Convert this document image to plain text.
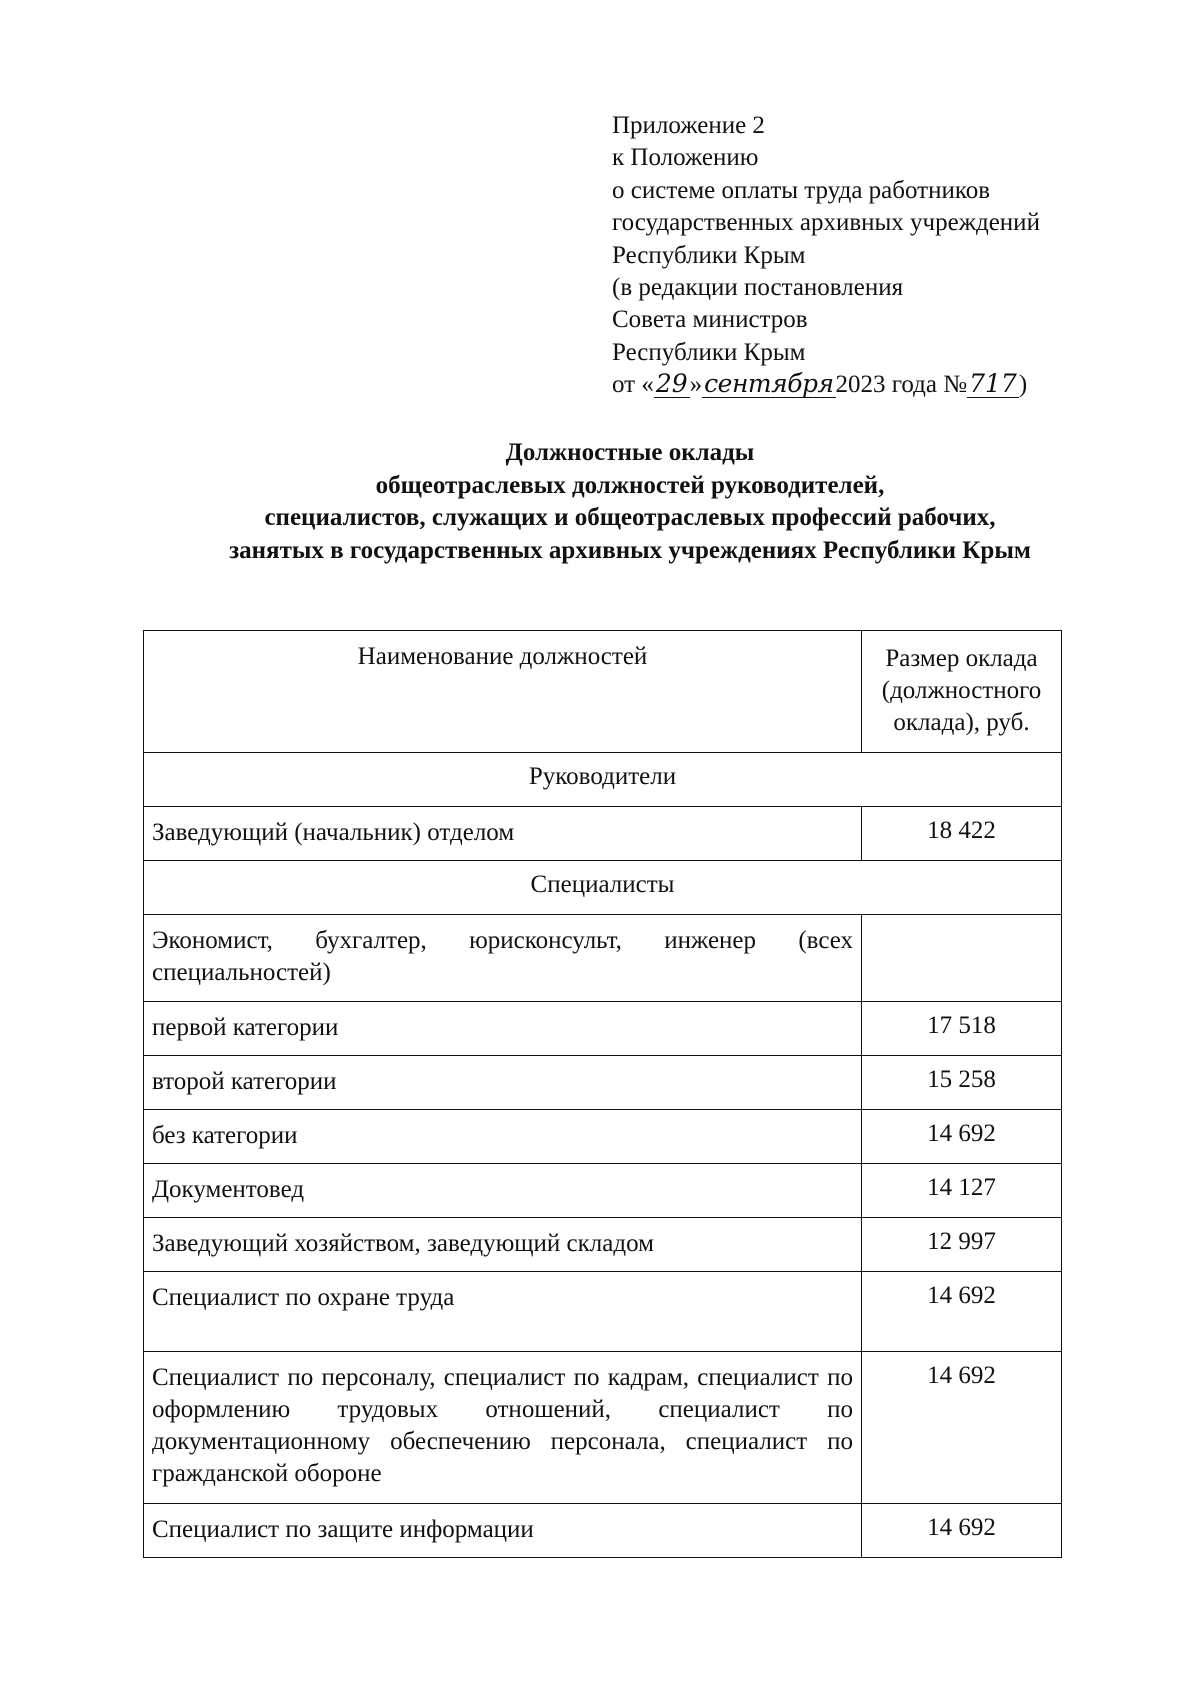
Приложение 2
к Положению
о системе оплаты труда работников
государственных архивных учреждений
Республики Крым
(в редакции постановления
Совета министров
Республики Крым
от «29»сентября2023 года №717)
Должностные оклады
общеотраслевых должностей руководителей,
специалистов, служащих и общеотраслевых профессий рабочих,
занятых в государственных архивных учреждениях Республики Крым
Наименование должностей	Размер оклада (должностного оклада), руб.
Руководители	
Заведующий (начальник) отделом	18 422
Специалисты	
Экономист, бухгалтер, юрисконсульт, инженер (всех специальностей)	
первой категории	17 518
второй категории	15 258
без категории	14 692
Документовед	14 127
Заведующий хозяйством, заведующий складом	12 997
Специалист по охране труда	14 692
Специалист по персоналу, специалист по кадрам, специалист по оформлению трудовых отношений, специалист по документационному обеспечению персонала, специалист по гражданской обороне	14 692
Специалист по защите информации	14 692
